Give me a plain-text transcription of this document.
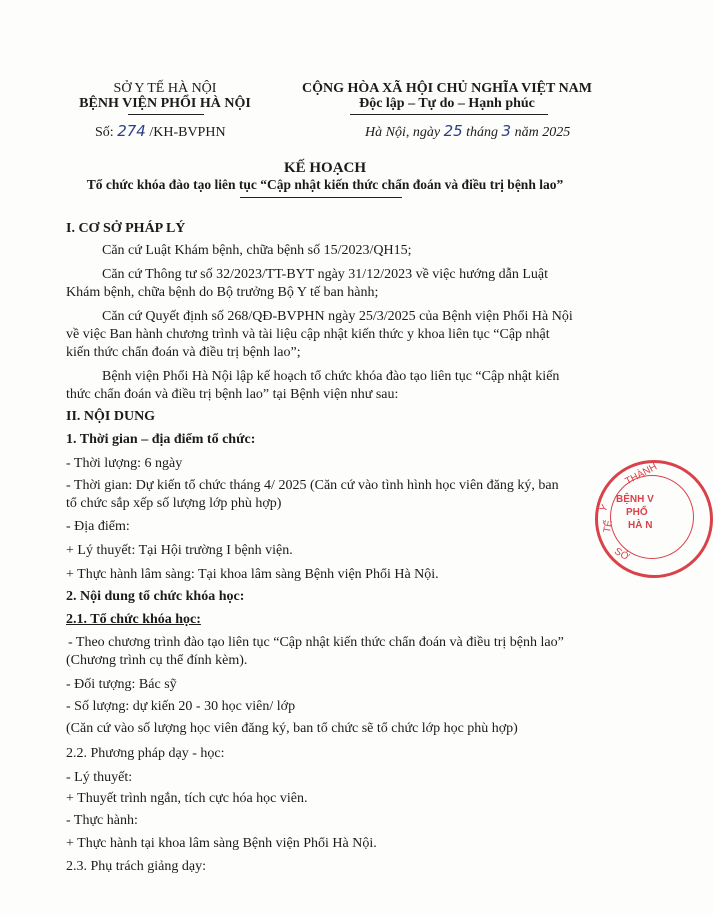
SỞ Y TẾ HÀ NỘI
BỆNH VIỆN PHỔI HÀ NỘI
CỘNG HÒA XÃ HỘI CHỦ NGHĨA VIỆT NAM
Độc lập – Tự do – Hạnh phúc
Số: 274 /KH-BVPHN	Hà Nội, ngày 25 tháng 3 năm 2025
KẾ HOẠCH
Tổ chức khóa đào tạo liên tục “Cập nhật kiến thức chẩn đoán và điều trị bệnh lao”
I. CƠ SỞ PHÁP LÝ
Căn cứ Luật Khám bệnh, chữa bệnh số 15/2023/QH15;
Căn cứ Thông tư số 32/2023/TT-BYT ngày 31/12/2023 về việc hướng dẫn Luật
Khám bệnh, chữa bệnh do Bộ trưởng Bộ Y tế ban hành;
Căn cứ Quyết định số 268/QĐ-BVPHN ngày 25/3/2025 của Bệnh viện Phổi Hà Nội
về việc Ban hành chương trình và tài liệu cập nhật kiến thức y khoa liên tục “Cập nhật
kiến thức chẩn đoán và điều trị bệnh lao”;
Bệnh viện Phổi Hà Nội lập kế hoạch tổ chức khóa đào tạo liên tục “Cập nhật kiến
thức chẩn đoán và điều trị bệnh lao” tại Bệnh viện như sau:
II. NỘI DUNG
1. Thời gian – địa điểm tổ chức:
- Thời lượng: 6 ngày
- Thời gian: Dự kiến tổ chức tháng 4/ 2025 (Căn cứ vào tình hình học viên đăng ký, ban
tổ chức sắp xếp số lượng lớp phù hợp)
- Địa điểm:
+ Lý thuyết: Tại Hội trường I bệnh viện.
+ Thực hành lâm sàng: Tại khoa lâm sàng Bệnh viện Phổi Hà Nội.
2. Nội dung tổ chức khóa học:
2.1. Tổ chức khóa học:
- Theo chương trình đào tạo liên tục “Cập nhật kiến thức chẩn đoán và điều trị bệnh lao”
(Chương trình cụ thể đính kèm).
- Đối tượng: Bác sỹ
- Số lượng: dự kiến 20 - 30 học viên/ lớp
(Căn cứ vào số lượng học viên đăng ký, ban tổ chức sẽ tổ chức lớp học phù hợp)
2.2. Phương pháp dạy - học:
- Lý thuyết:
+ Thuyết trình ngắn, tích cực hóa học viên.
- Thực hành:
+ Thực hành tại khoa lâm sàng Bệnh viện Phổi Hà Nội.
2.3. Phụ trách giảng dạy:
THÀNH
Y
TẾ
BỆNH V
PHỔ
HÀ N
SỞ
